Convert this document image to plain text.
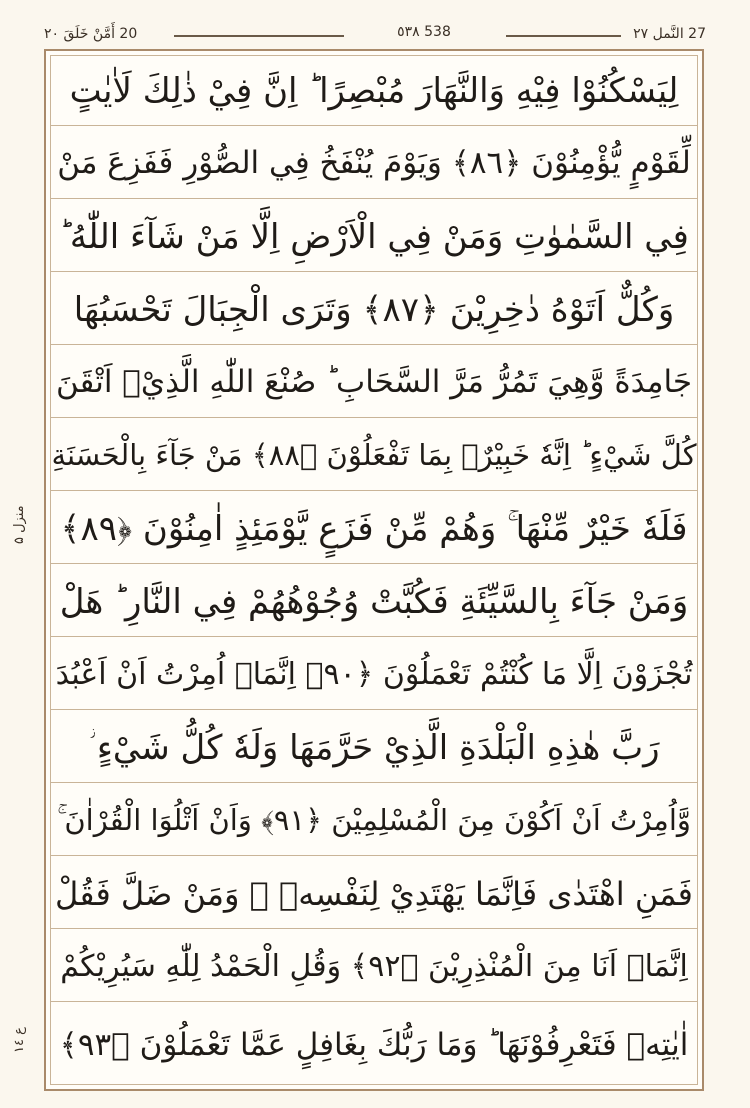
20 أَمَّنْ خَلَقَ ٢٠	538 ٥٣٨	27 النَّمل ٢٧
منزل ۵
ع ١٤
لِيَسْكُنُوْا فِيْهِ وَالنَّهَارَ مُبْصِرًا ؕ اِنَّ فِيْ ذٰلِكَ لَاٰيٰتٍ
لِّقَوْمٍ يُّؤْمِنُوْنَ ﴿٨٦﴾ وَيَوْمَ يُنْفَخُ فِي الصُّوْرِ فَفَزِعَ مَنْ
فِي السَّمٰوٰتِ وَمَنْ فِي الْاَرْضِ اِلَّا مَنْ شَآءَ اللّٰهُ ؕ
وَكُلٌّ اَتَوْهُ دٰخِرِيْنَ ﴿٨٧﴾ وَتَرَى الْجِبَالَ تَحْسَبُهَا
جَامِدَةً وَّهِيَ تَمُرُّ مَرَّ السَّحَابِ ؕ صُنْعَ اللّٰهِ الَّذِيْۤ اَتْقَنَ
كُلَّ شَيْءٍ ؕ اِنَّهٗ خَبِيْرٌۢ بِمَا تَفْعَلُوْنَ ﴿٨٨﴾ مَنْ جَآءَ بِالْحَسَنَةِ
فَلَهٗ خَيْرٌ مِّنْهَا ۚ وَهُمْ مِّنْ فَزَعٍ يَّوْمَئِذٍ اٰمِنُوْنَ ﴿٨٩﴾
وَمَنْ جَآءَ بِالسَّيِّئَةِ فَكُبَّتْ وُجُوْهُهُمْ فِي النَّارِ ؕ هَلْ
تُجْزَوْنَ اِلَّا مَا كُنْتُمْ تَعْمَلُوْنَ ﴿٩٠﴾ اِنَّمَاۤ اُمِرْتُ اَنْ اَعْبُدَ
رَبَّ هٰذِهِ الْبَلْدَةِ الَّذِيْ حَرَّمَهَا وَلَهٗ كُلُّ شَيْءٍ ؗ
وَّاُمِرْتُ اَنْ اَكُوْنَ مِنَ الْمُسْلِمِيْنَ ﴿٩١﴾ وَاَنْ اَتْلُوَا الْقُرْاٰنَ ۚ
فَمَنِ اهْتَدٰى فَاِنَّمَا يَهْتَدِيْ لِنَفْسِهٖ ۚ وَمَنْ ضَلَّ فَقُلْ
اِنَّمَاۤ اَنَا مِنَ الْمُنْذِرِيْنَ ﴿٩٢﴾ وَقُلِ الْحَمْدُ لِلّٰهِ سَيُرِيْكُمْ
اٰيٰتِهٖ فَتَعْرِفُوْنَهَا ؕ وَمَا رَبُّكَ بِغَافِلٍ عَمَّا تَعْمَلُوْنَ ﴿٩٣﴾
